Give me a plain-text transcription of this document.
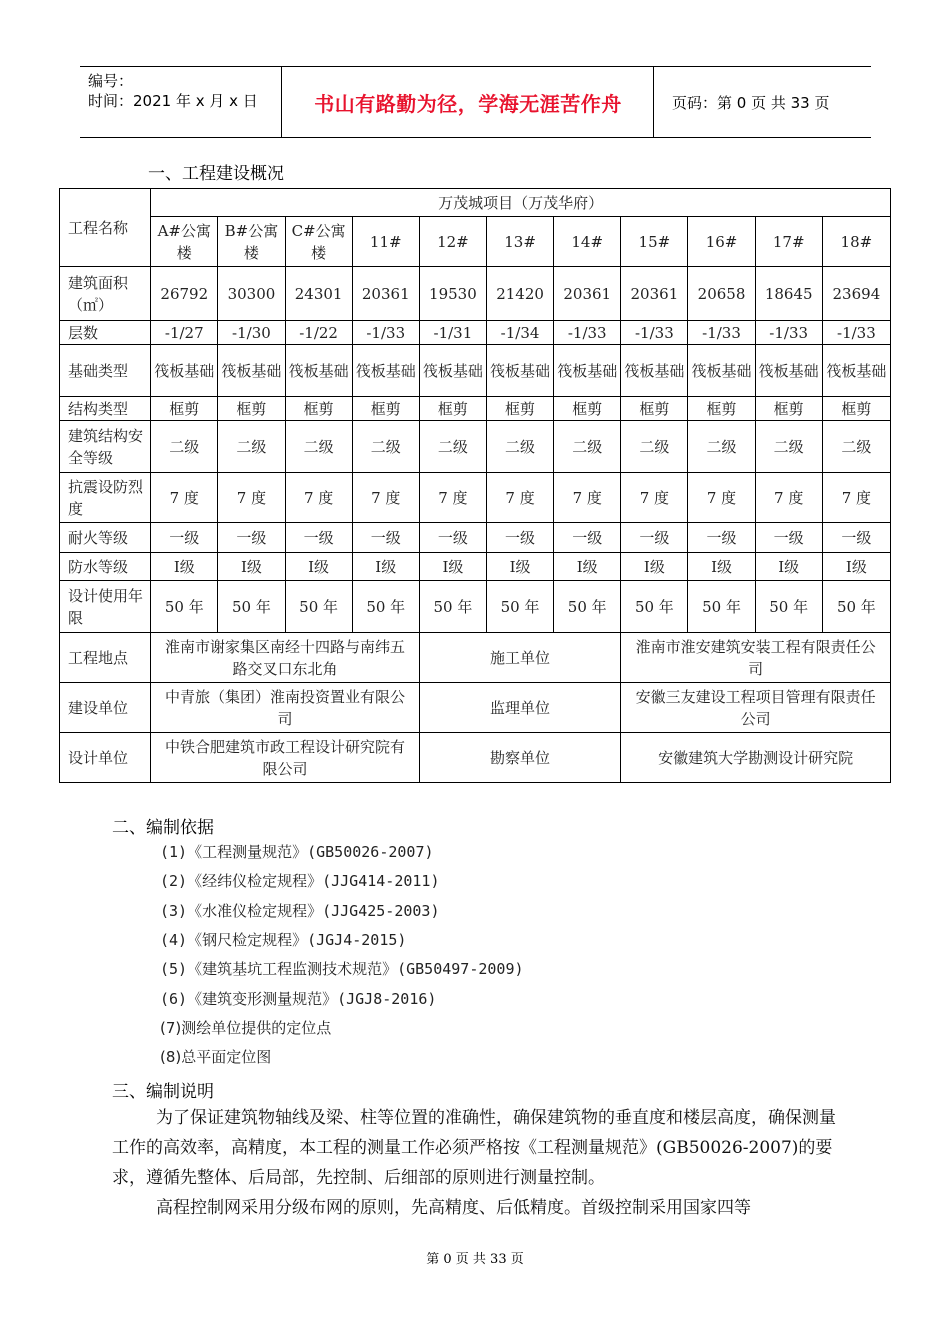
编号：
时间：2021 年 x 月 x 日	书山有路勤为径，学海无涯苦作舟	页码：第 0 页 共 33 页
一、工程建设概况
工程名称	万茂城项目（万茂华府）										
	A#公寓楼	B#公寓楼	C#公寓楼	11#	12#	13#	14#	15#	16#	17#	18#
建筑面积（㎡）	26792	30300	24301	20361	19530	21420	20361	20361	20658	18645	23694
层数	-1/27	-1/30	-1/22	-1/33	-1/31	-1/34	-1/33	-1/33	-1/33	-1/33	-1/33
基础类型	筏板基础	筏板基础	筏板基础	筏板基础	筏板基础	筏板基础	筏板基础	筏板基础	筏板基础	筏板基础	筏板基础
结构类型	框剪	框剪	框剪	框剪	框剪	框剪	框剪	框剪	框剪	框剪	框剪
建筑结构安全等级	二级	二级	二级	二级	二级	二级	二级	二级	二级	二级	二级
抗震设防烈度	7 度	7 度	7 度	7 度	7 度	7 度	7 度	7 度	7 度	7 度	7 度
耐火等级	一级	一级	一级	一级	一级	一级	一级	一级	一级	一级	一级
防水等级	Ⅰ级	Ⅰ级	Ⅰ级	Ⅰ级	Ⅰ级	Ⅰ级	Ⅰ级	Ⅰ级	Ⅰ级	Ⅰ级	Ⅰ级
设计使用年限	50 年	50 年	50 年	50 年	50 年	50 年	50 年	50 年	50 年	50 年	50 年
工程地点	淮南市谢家集区南经十四路与南纬五路交叉口东北角				施工单位			淮南市淮安建筑安装工程有限责任公司			
建设单位	中青旅（集团）淮南投资置业有限公司				监理单位			安徽三友建设工程项目管理有限责任公司			
设计单位	中铁合肥建筑市政工程设计研究院有限公司				勘察单位			安徽建筑大学勘测设计研究院			
二、编制依据
(1)《工程测量规范》(GB50026-2007)
(2)《经纬仪检定规程》(JJG414-2011)
(3)《水准仪检定规程》(JJG425-2003)
(4)《钢尺检定规程》(JGJ4-2015)
(5)《建筑基坑工程监测技术规范》(GB50497-2009)
(6)《建筑变形测量规范》(JGJ8-2016)
(7)测绘单位提供的定位点
(8)总平面定位图
三、编制说明
为了保证建筑物轴线及梁、柱等位置的准确性，确保建筑物的垂直度和楼层高度，确保测量工作的高效率，高精度，本工程的测量工作必须严格按《工程测量规范》(GB50026-2007)的要求，遵循先整体、后局部，先控制、后细部的原则进行测量控制。
高程控制网采用分级布网的原则，先高精度、后低精度。首级控制采用国家四等
第 0 页 共 33 页
